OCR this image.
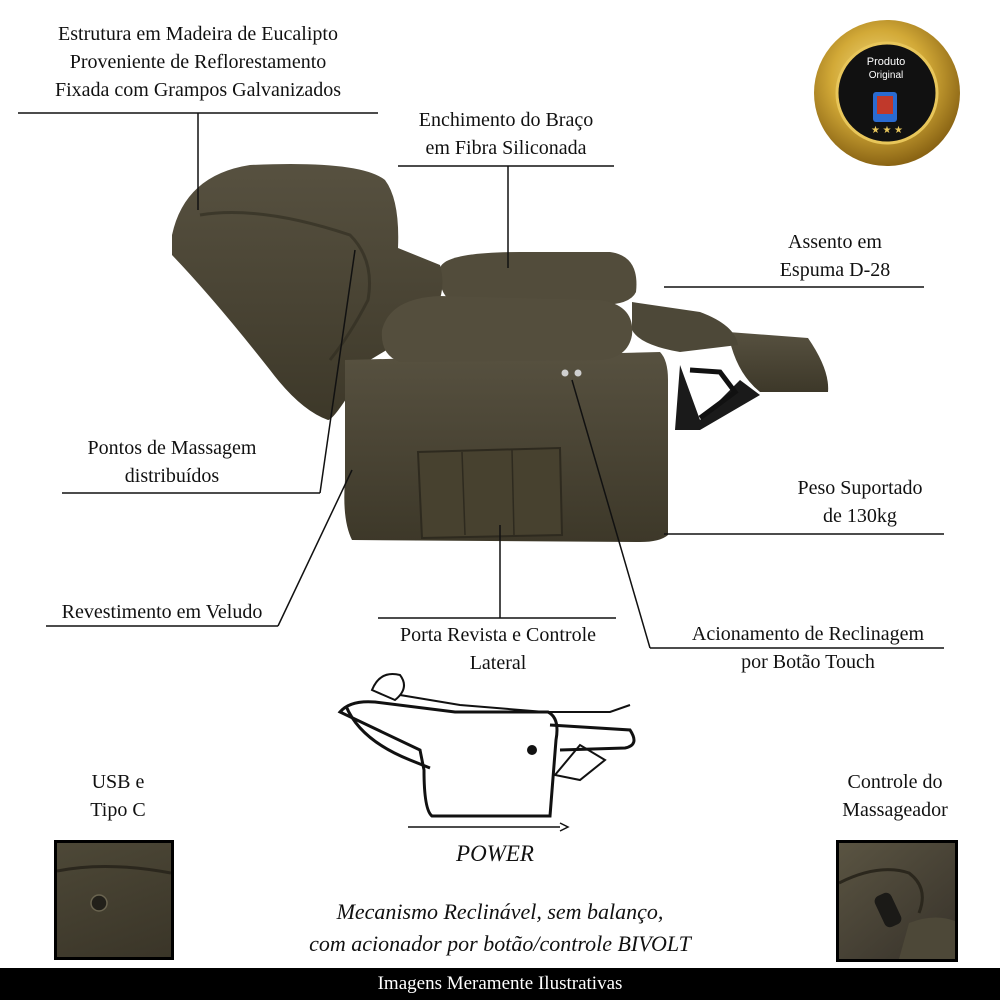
★ ★ ★
Estrutura em Madeira de Eucalipto
Proveniente de Reflorestamento
Fixada com Grampos Galvanizados
Enchimento do Braço
em Fibra Siliconada
Assento em
Espuma D-28
Pontos de Massagem
distribuídos
Peso Suportado
de 130kg
Revestimento em Veludo
Porta Revista e Controle
Lateral
Acionamento de Reclinagem
por Botão Touch
USB e
Tipo C
Controle do
Massageador
Produto
Original
POWER
Mecanismo Reclinável, sem balanço,
com acionador por botão/controle BIVOLT
Imagens Meramente Ilustrativas
